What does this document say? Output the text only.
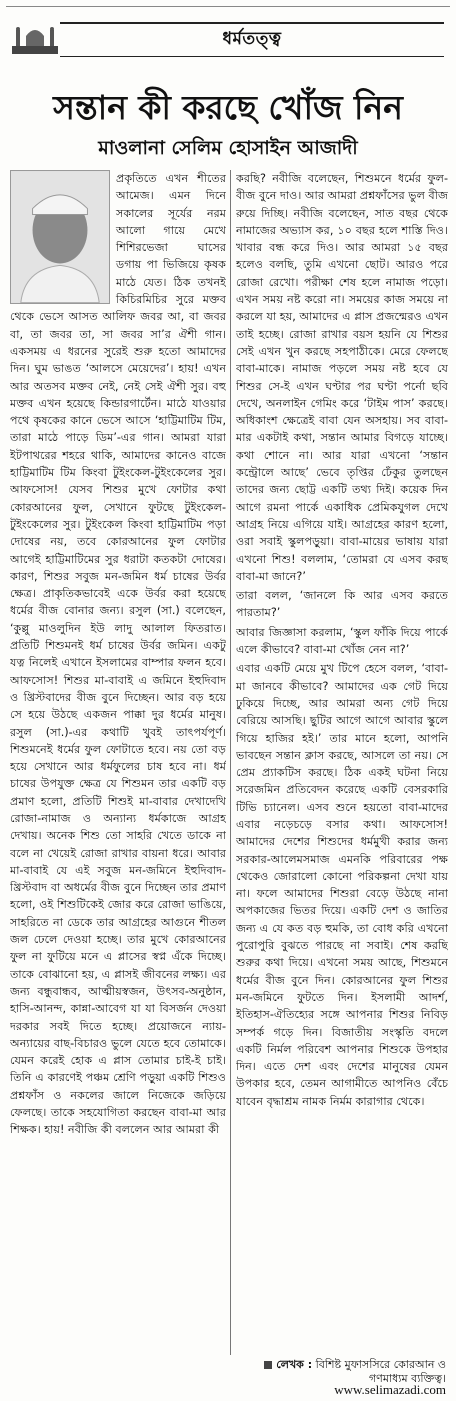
ধর্মতত্ত্ব
সন্তান কী করছে খোঁজ নিন
মাওলানা সেলিম হোসাইন আজাদী

প্রকৃতিতে এখন শীতের আমেজ। এমন দিনে সকালের সূর্যের নরম আলো গায়ে মেখে শিশিরভেজা ঘাসের ডগায় পা ভিজিয়ে কৃষক মাঠে যেত। ঠিক তখনই কিচিরমিচির সুরে মক্তব থেকে ভেসে আসত আলিফ জবর আ, বা জবর বা, তা জবর তা, সা জবর সা’র ঐশী গান। একসময় এ ধরনের সুরেই শুরু হতো আমাদের দিন। ঘুম ভাঙত ‘আলসে মেয়েদের’। হায়! এখন আর অতসব মক্তব নেই, নেই সেই ঐশী সুর। বহু মক্তব এখন হয়েছে কিন্ডারগার্টেন। মাঠে যাওয়ার পথে কৃষকের কানে ভেসে আসে ‘হাট্টিমাটিম টিম, তারা মাঠে পাড়ে ডিম’-এর গান। আমরা যারা ইটপাথরের শহরে থাকি, আমাদের কানেও বাজে হাট্টিমাটিম টিম কিংবা টুইংকেল-টুইংকেলের সুর। আফসোস! যেসব শিশুর মুখে ফোটার কথা কোরআনের ফুল, সেখানে ফুটছে টুইংকেল-টুইংকেলের সুর। টুইংকেল কিংবা হাট্টিমাটিম পড়া দোষের নয়, তবে কোরআনের ফুল ফোটার আগেই হাট্টিমাটিমের সুর ধরাটা কতকটা দোষের। কারণ, শিশুর সবুজ মন-জমিন ধর্ম চাষের উর্বর ক্ষেত্র। প্রাকৃতিকভাবেই একে উর্বর করা হয়েছে ধর্মের বীজ বোনার জন্য। রসুল (সা.) বলেছেন, ‘কুল্লু মাওলুদিন ইউ লাদু আলাল ফিতরাত। প্রতিটি শিশুমনই ধর্ম চাষের উর্বর জমিন। একটু যত্ন নিলেই এখানে ইসলামের বাম্পার ফলন হবে। আফসোস! শিশুর মা-বাবাই এ জমিনে ইহুদিবাদ ও খ্রিস্টবাদের বীজ বুনে দিচ্ছেন। আর বড় হয়ে সে হয়ে উঠছে একজন পাক্কা দুর ধর্মের মানুষ। রসুল (সা.)-এর কথাটি খুবই তাৎপর্যপূর্ণ। শিশুমনেই ধর্মের ফুল ফোটাতে হবে। নয় তো বড় হয়ে সেখানে আর ধর্মফুলের চাষ হবে না। ধর্ম চাষের উপযুক্ত ক্ষেত্র যে শিশুমন তার একটি বড় প্রমাণ হলো, প্রতিটি শিশুই মা-বাবার দেখাদেখি রোজা-নামাজ ও অন্যান্য ধর্মকাজে আগ্রহ দেখায়। অনেক শিশু তো সাহরি খেতে ডাকে না বলে না খেয়েই রোজা রাখার বায়না ধরে। আবার মা-বাবাই যে এই সবুজ মন-জমিনে ইহুদিবাদ-খ্রিস্টবাদ বা অধর্মের বীজ বুনে দিচ্ছেন তার প্রমাণ হলো, ওই শিশুটিকেই জোর করে রোজা ভাঙিয়ে, সাহরিতে না ডেকে তার আগ্রহের আগুনে শীতল জল ঢেলে দেওয়া হচ্ছে। তার মুখে কোরআনের ফুল না ফুটিয়ে মনে এ প্লাসের স্বপ্ন এঁকে দিচ্ছে। তাকে বোঝানো হয়, এ প্লাসই জীবনের লক্ষ্য। এর জন্য বন্ধুবান্ধব, আত্মীয়স্বজন, উৎসব-অনুষ্ঠান, হাসি-আনন্দ, কান্না-আবেগ যা যা বিসর্জন দেওয়া দরকার সবই দিতে হচ্ছে। প্রয়োজনে ন্যায়-অন্যায়ের বাছ-বিচারও ভুলে যেতে হবে তোমাকে। যেমন করেই হোক এ প্লাস তোমার চাই-ই চাই। তিনি এ কারণেই পঞ্চম শ্রেণি পড়ুয়া একটি শিশুও প্রশ্নফাঁস ও নকলের জালে নিজেকে জড়িয়ে ফেলছে। তাকে সহযোগিতা করছেন বাবা-মা আর শিক্ষক। হায়! নবীজি কী বললেন আর আমরা কী

করছি? নবীজি বলেছেন, শিশুমনে ধর্মের ফুল-বীজ বুনে দাও। আর আমরা প্রশ্নফাঁসের ভুল বীজ রুয়ে দিচ্ছি। নবীজি বলেছেন, সাত বছর থেকে নামাজের অভ্যাস কর, ১০ বছর হলে শাস্তি দিও। খাবার বন্ধ করে দিও। আর আমরা ১৫ বছর হলেও বলছি, তুমি এখনো ছোট। আরও পরে রোজা রেখো। পরীক্ষা শেষ হলে নামাজ পড়ো। এখন সময় নষ্ট করো না। সময়ের কাজ সময়ে না করলে যা হয়, আমাদের এ প্লাস প্রজন্মেরও এখন তাই হচ্ছে। রোজা রাখার বয়স হয়নি যে শিশুর সেই এখন খুন করছে সহপাঠীকে। মেরে ফেলছে বাবা-মাকে। নামাজ পড়লে সময় নষ্ট হবে যে শিশুর সে-ই এখন ঘণ্টার পর ঘণ্টা পর্নো ছবি দেখে, অনলাইন গেমিং করে ‘টাইম পাস’ করছে। অধিকাংশ ক্ষেত্রেই বাবা যেন অসহায়। সব বাবা-মার একটাই কথা, সন্তান আমার বিগড়ে যাচ্ছে। কথা শোনে না। আর যারা এখনো ‘সন্তান কন্ট্রোলে আছে’ ভেবে তৃপ্তির ঢেঁকুর তুলছেন তাদের জন্য ছোট্ট একটি তথ্য দিই। কয়েক দিন আগে রমনা পার্কে একাধিক প্রেমিকযুগল দেখে আগ্রহ নিয়ে এগিয়ে যাই। আগ্রহের কারণ হলো, ওরা সবাই স্কুলপড়ুয়া। বাবা-মায়ের ভাষায় যারা এখনো শিশু! বললাম, ‘তোমরা যে এসব করছ বাবা-মা জানে?’

তারা বলল, ‘জানলে কি আর এসব করতে পারতাম?’

আবার জিজ্ঞাসা করলাম, ‘স্কুল ফাঁকি দিয়ে পার্কে এলে কীভাবে? বাবা-মা খোঁজ নেন না?’

এবার একটি মেয়ে মুখ টিপে হেসে বলল, ‘বাবা-মা জানবে কীভাবে? আমাদের এক গেট দিয়ে ঢুকিয়ে দিচ্ছে, আর আমরা অন্য গেট দিয়ে বেরিয়ে আসছি। ছুটির আগে আগে আবার স্কুলে গিয়ে হাজির হই।’ তার মানে হলো, আপনি ভাবছেন সন্তান ক্লাস করছে, আসলে তা নয়। সে প্রেম প্র্যাকটিস করছে। ঠিক একই ঘটনা নিয়ে সরেজমিন প্রতিবেদন করেছে একটি বেসরকারি টিভি চ্যানেল। এসব শুনে হয়তো বাবা-মাদের এবার নড়েচড়ে বসার কথা। আফসোস! আমাদের দেশের শিশুদের ধর্মমুখী করার জন্য সরকার-আলেমসমাজ এমনকি পরিবারের পক্ষ থেকেও জোরালো কোনো পরিকল্পনা দেখা যায় না। ফলে আমাদের শিশুরা বেড়ে উঠছে নানা অপকাজের ভিতর দিয়ে। একটি দেশ ও জাতির জন্য এ যে কত বড় হুমকি, তা বোধ করি এখনো পুরোপুরি বুঝতে পারছে না সবাই। শেষ করছি শুরুর কথা দিয়ে। এখনো সময় আছে, শিশুমনে ধর্মের বীজ বুনে দিন। কোরআনের ফুল শিশুর মন-জমিনে ফুটতে দিন। ইসলামী আদর্শ, ইতিহাস-ঐতিহ্যের সঙ্গে আপনার শিশুর নিবিড় সম্পর্ক গড়ে দিন। বিজাতীয় সংস্কৃতি বদলে একটি নির্মল পরিবেশ আপনার শিশুকে উপহার দিন। এতে দেশ এবং দেশের মানুষের যেমন উপকার হবে, তেমন আগামীতে আপনিও বেঁচে যাবেন বৃদ্ধাশ্রম নামক নির্মম কারাগার থেকে।

লেখক : বিশিষ্ট মুফাসসিরে কোরআন ও গণমাধ্যম ব্যক্তিত্ব।
www.selimazadi.com
